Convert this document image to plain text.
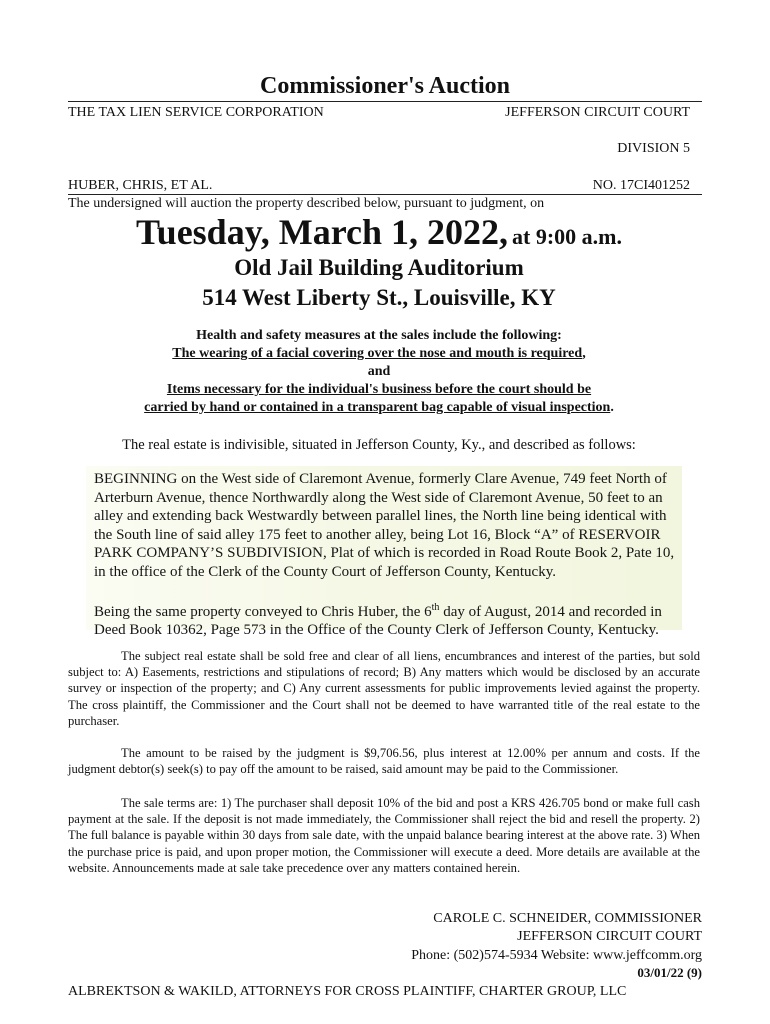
Commissioner's Auction
THE TAX LIEN SERVICE CORPORATION	JEFFERSON CIRCUIT COURT
DIVISION 5
HUBER, CHRIS, ET AL.	NO. 17CI401252
The undersigned will auction the property described below, pursuant to judgment, on
Tuesday, March 1, 2022, at 9:00 a.m.
Old Jail Building Auditorium
514 West Liberty St., Louisville, KY
Health and safety measures at the sales include the following:
The wearing of a facial covering over the nose and mouth is required,
and
Items necessary for the individual's business before the court should be
carried by hand or contained in a transparent bag capable of visual inspection.
The real estate is indivisible, situated in Jefferson County, Ky., and described as follows:

BEGINNING on the West side of Claremont Avenue, formerly Clare Avenue, 749 feet North of Arterburn Avenue, thence Northwardly along the West side of Claremont Avenue, 50 feet to an alley and extending back Westwardly between parallel lines, the North line being identical with the South line of said alley 175 feet to another alley, being Lot 16, Block “A” of RESERVOIR PARK COMPANY’S SUBDIVISION, Plat of which is recorded in Road Route Book 2, Pate 10, in the office of the Clerk of the County Court of Jefferson County, Kentucky.

Being the same property conveyed to Chris Huber, the 6th day of August, 2014 and recorded in Deed Book 10362, Page 573 in the Office of the County Clerk of Jefferson County, Kentucky.

The subject real estate shall be sold free and clear of all liens, encumbrances and interest of the parties, but sold subject to: A) Easements, restrictions and stipulations of record; B) Any matters which would be disclosed by an accurate survey or inspection of the property; and C) Any current assessments for public improvements levied against the property. The cross plaintiff, the Commissioner and the Court shall not be deemed to have warranted title of the real estate to the purchaser.
The amount to be raised by the judgment is $9,706.56, plus interest at 12.00% per annum and costs. If the judgment debtor(s) seek(s) to pay off the amount to be raised, said amount may be paid to the Commissioner.
The sale terms are: 1) The purchaser shall deposit 10% of the bid and post a KRS 426.705 bond or make full cash payment at the sale. If the deposit is not made immediately, the Commissioner shall reject the bid and resell the property. 2) The full balance is payable within 30 days from sale date, with the unpaid balance bearing interest at the above rate. 3) When the purchase price is paid, and upon proper motion, the Commissioner will execute a deed. More details are available at the website. Announcements made at sale take precedence over any matters contained herein.
CAROLE C. SCHNEIDER, COMMISSIONER
JEFFERSON CIRCUIT COURT
Phone: (502)574-5934 Website: www.jeffcomm.org
03/01/22 (9)
ALBREKTSON & WAKILD, ATTORNEYS FOR CROSS PLAINTIFF, CHARTER GROUP, LLC
